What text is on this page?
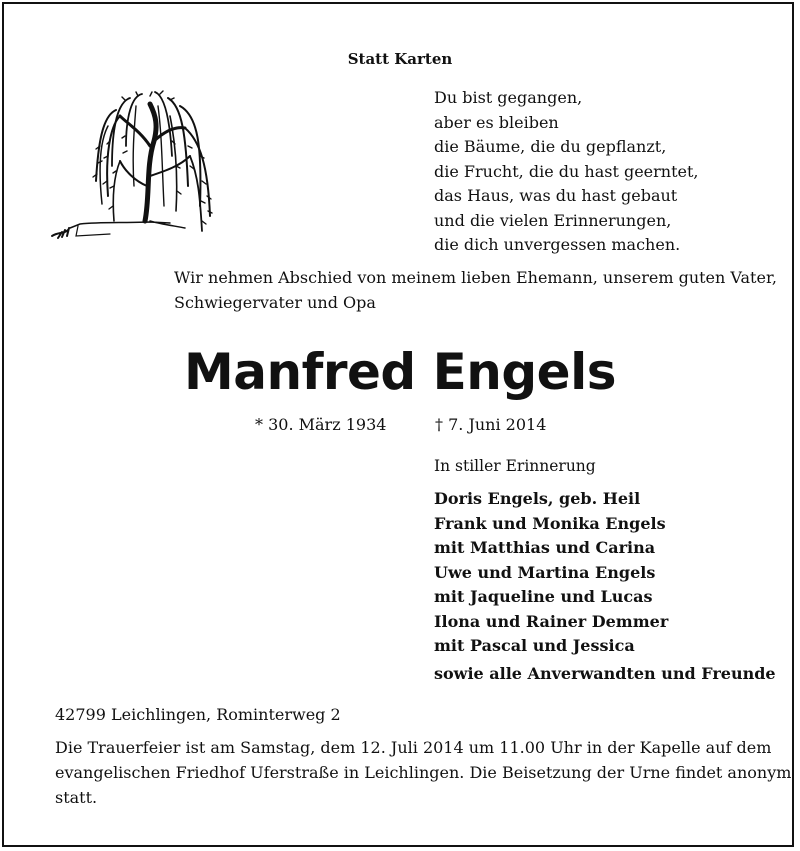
Statt Karten
Du bist gegangen,
aber es bleiben
die Bäume, die du gepflanzt,
die Frucht, die du hast geerntet,
das Haus, was du hast gebaut
und die vielen Erinnerungen,
die dich unvergessen machen.
Wir nehmen Abschied von meinem lieben Ehemann, unserem guten Vater,
Schwiegervater und Opa
Manfred Engels
* 30. März 1934	† 7. Juni 2014
In stiller Erinnerung
Doris Engels, geb. Heil
Frank und Monika Engels
mit Matthias und Carina
Uwe und Martina Engels
mit Jaqueline und Lucas
Ilona und Rainer Demmer
mit Pascal und Jessica
sowie alle Anverwandten und Freunde
42799 Leichlingen, Rominterweg 2
Die Trauerfeier ist am Samstag, dem 12. Juli 2014 um 11.00 Uhr in der Kapelle auf dem
evangelischen Friedhof Uferstraße in Leichlingen. Die Beisetzung der Urne findet anonym
statt.
